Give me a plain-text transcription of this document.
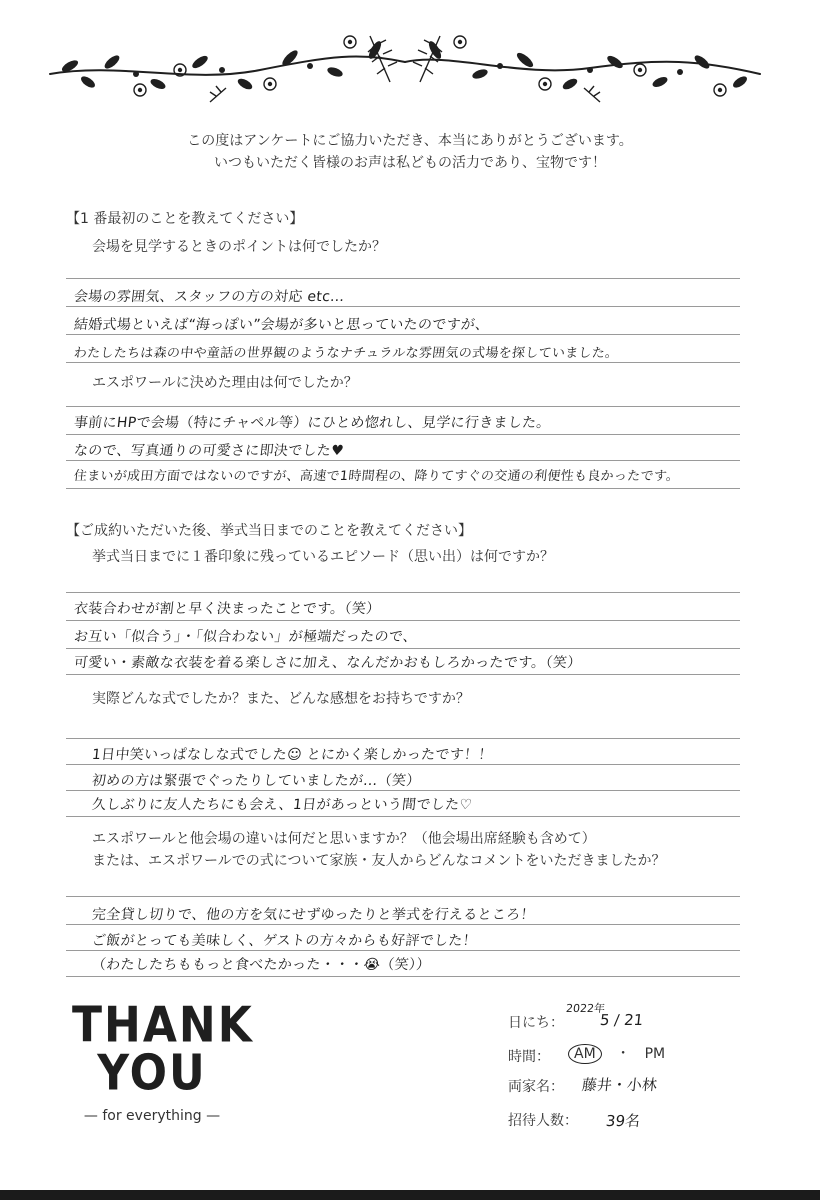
この度はアンケートにご協力いただき、本当にありがとうございます。
いつもいただく皆様のお声は私どもの活力であり、宝物です！
【1 番最初のことを教えてください】
会場を見学するときのポイントは何でしたか？
会場の雰囲気、スタッフの方の対応 etc…
結婚式場といえば“海っぽい”会場が多いと思っていたのですが、
わたしたちは森の中や童話の世界観のようなナチュラルな雰囲気の式場を探していました。
エスポワールに決めた理由は何でしたか？
事前にHPで会場（特にチャペル等）にひとめ惚れし、見学に行きました。
なので、写真通りの可愛さに即決でした♥
住まいが成田方面ではないのですが、高速で1時間程の、降りてすぐの交通の利便性も良かったです。
【ご成約いただいた後、挙式当日までのことを教えてください】
挙式当日までに１番印象に残っているエピソード（思い出）は何ですか？
衣装合わせが割と早く決まったことです。（笑）
お互い「似合う」・「似合わない」が極端だったので、
可愛い・素敵な衣装を着る楽しさに加え、なんだかおもしろかったです。（笑）
実際どんな式でしたか？また、どんな感想をお持ちですか？
1日中笑いっぱなしな式でした☺ とにかく楽しかったです！！
初めの方は緊張でぐったりしていましたが…（笑）
久しぶりに友人たちにも会え、1日があっという間でした♡
エスポワールと他会場の違いは何だと思いますか？（他会場出席経験も含めて）
または、エスポワールでの式について家族・友人からどんなコメントをいただきましたか？
完全貸し切りで、他の方を気にせずゆったりと挙式を行えるところ！
ご飯がとっても美味しく、ゲストの方々からも好評でした！
（わたしたちももっと食べたかった・・・😭（笑））
THANK
YOU
— for everything —
2022年
日にち： 5 / 21
時間：	AM ・ PM
両家名： 藤井・小林
招待人数： 39名
